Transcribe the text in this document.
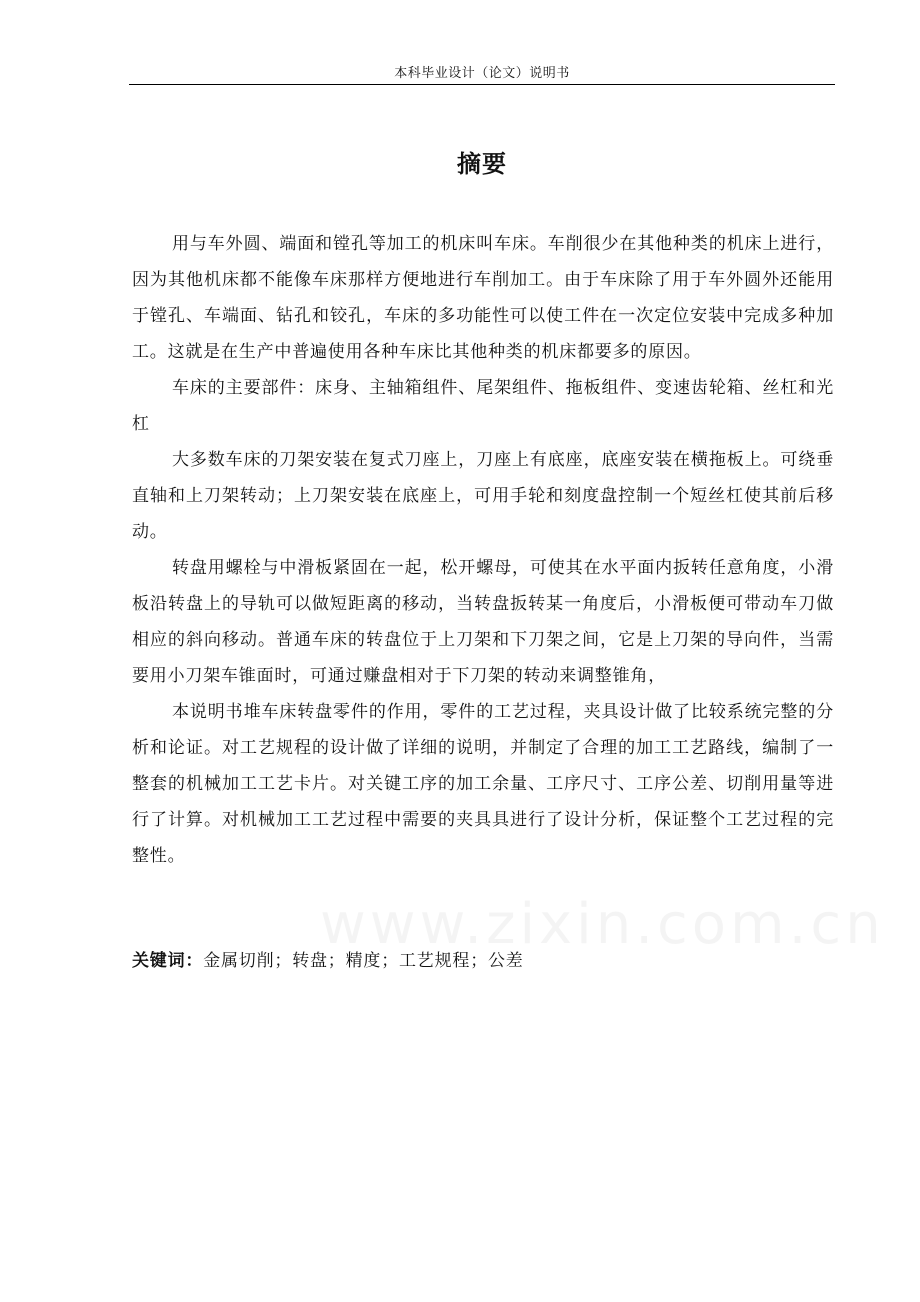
本科毕业设计（论文）说明书
摘要

用与车外圆、端面和镗孔等加工的机床叫车床。车削很少在其他种类的机床上进行，因为其他机床都不能像车床那样方便地进行车削加工。由于车床除了用于车外圆外还能用于镗孔、车端面、钻孔和铰孔，车床的多功能性可以使工件在一次定位安装中完成多种加工。这就是在生产中普遍使用各种车床比其他种类的机床都要多的原因。

车床的主要部件：床身、主轴箱组件、尾架组件、拖板组件、变速齿轮箱、丝杠和光杠

大多数车床的刀架安装在复式刀座上，刀座上有底座，底座安装在横拖板上。可绕垂直轴和上刀架转动；上刀架安装在底座上，可用手轮和刻度盘控制一个短丝杠使其前后移动。

转盘用螺栓与中滑板紧固在一起，松开螺母，可使其在水平面内扳转任意角度，小滑板沿转盘上的导轨可以做短距离的移动，当转盘扳转某一角度后，小滑板便可带动车刀做相应的斜向移动。普通车床的转盘位于上刀架和下刀架之间，它是上刀架的导向件，当需要用小刀架车锥面时，可通过赚盘相对于下刀架的转动来调整锥角，

本说明书堆车床转盘零件的作用，零件的工艺过程，夹具设计做了比较系统完整的分析和论证。对工艺规程的设计做了详细的说明，并制定了合理的加工工艺路线，编制了一整套的机械加工工艺卡片。对关键工序的加工余量、工序尺寸、工序公差、切削用量等进行了计算。对机械加工工艺过程中需要的夹具具进行了设计分析，保证整个工艺过程的完整性。

关键词：金属切削；转盘；精度；工艺规程；公差
